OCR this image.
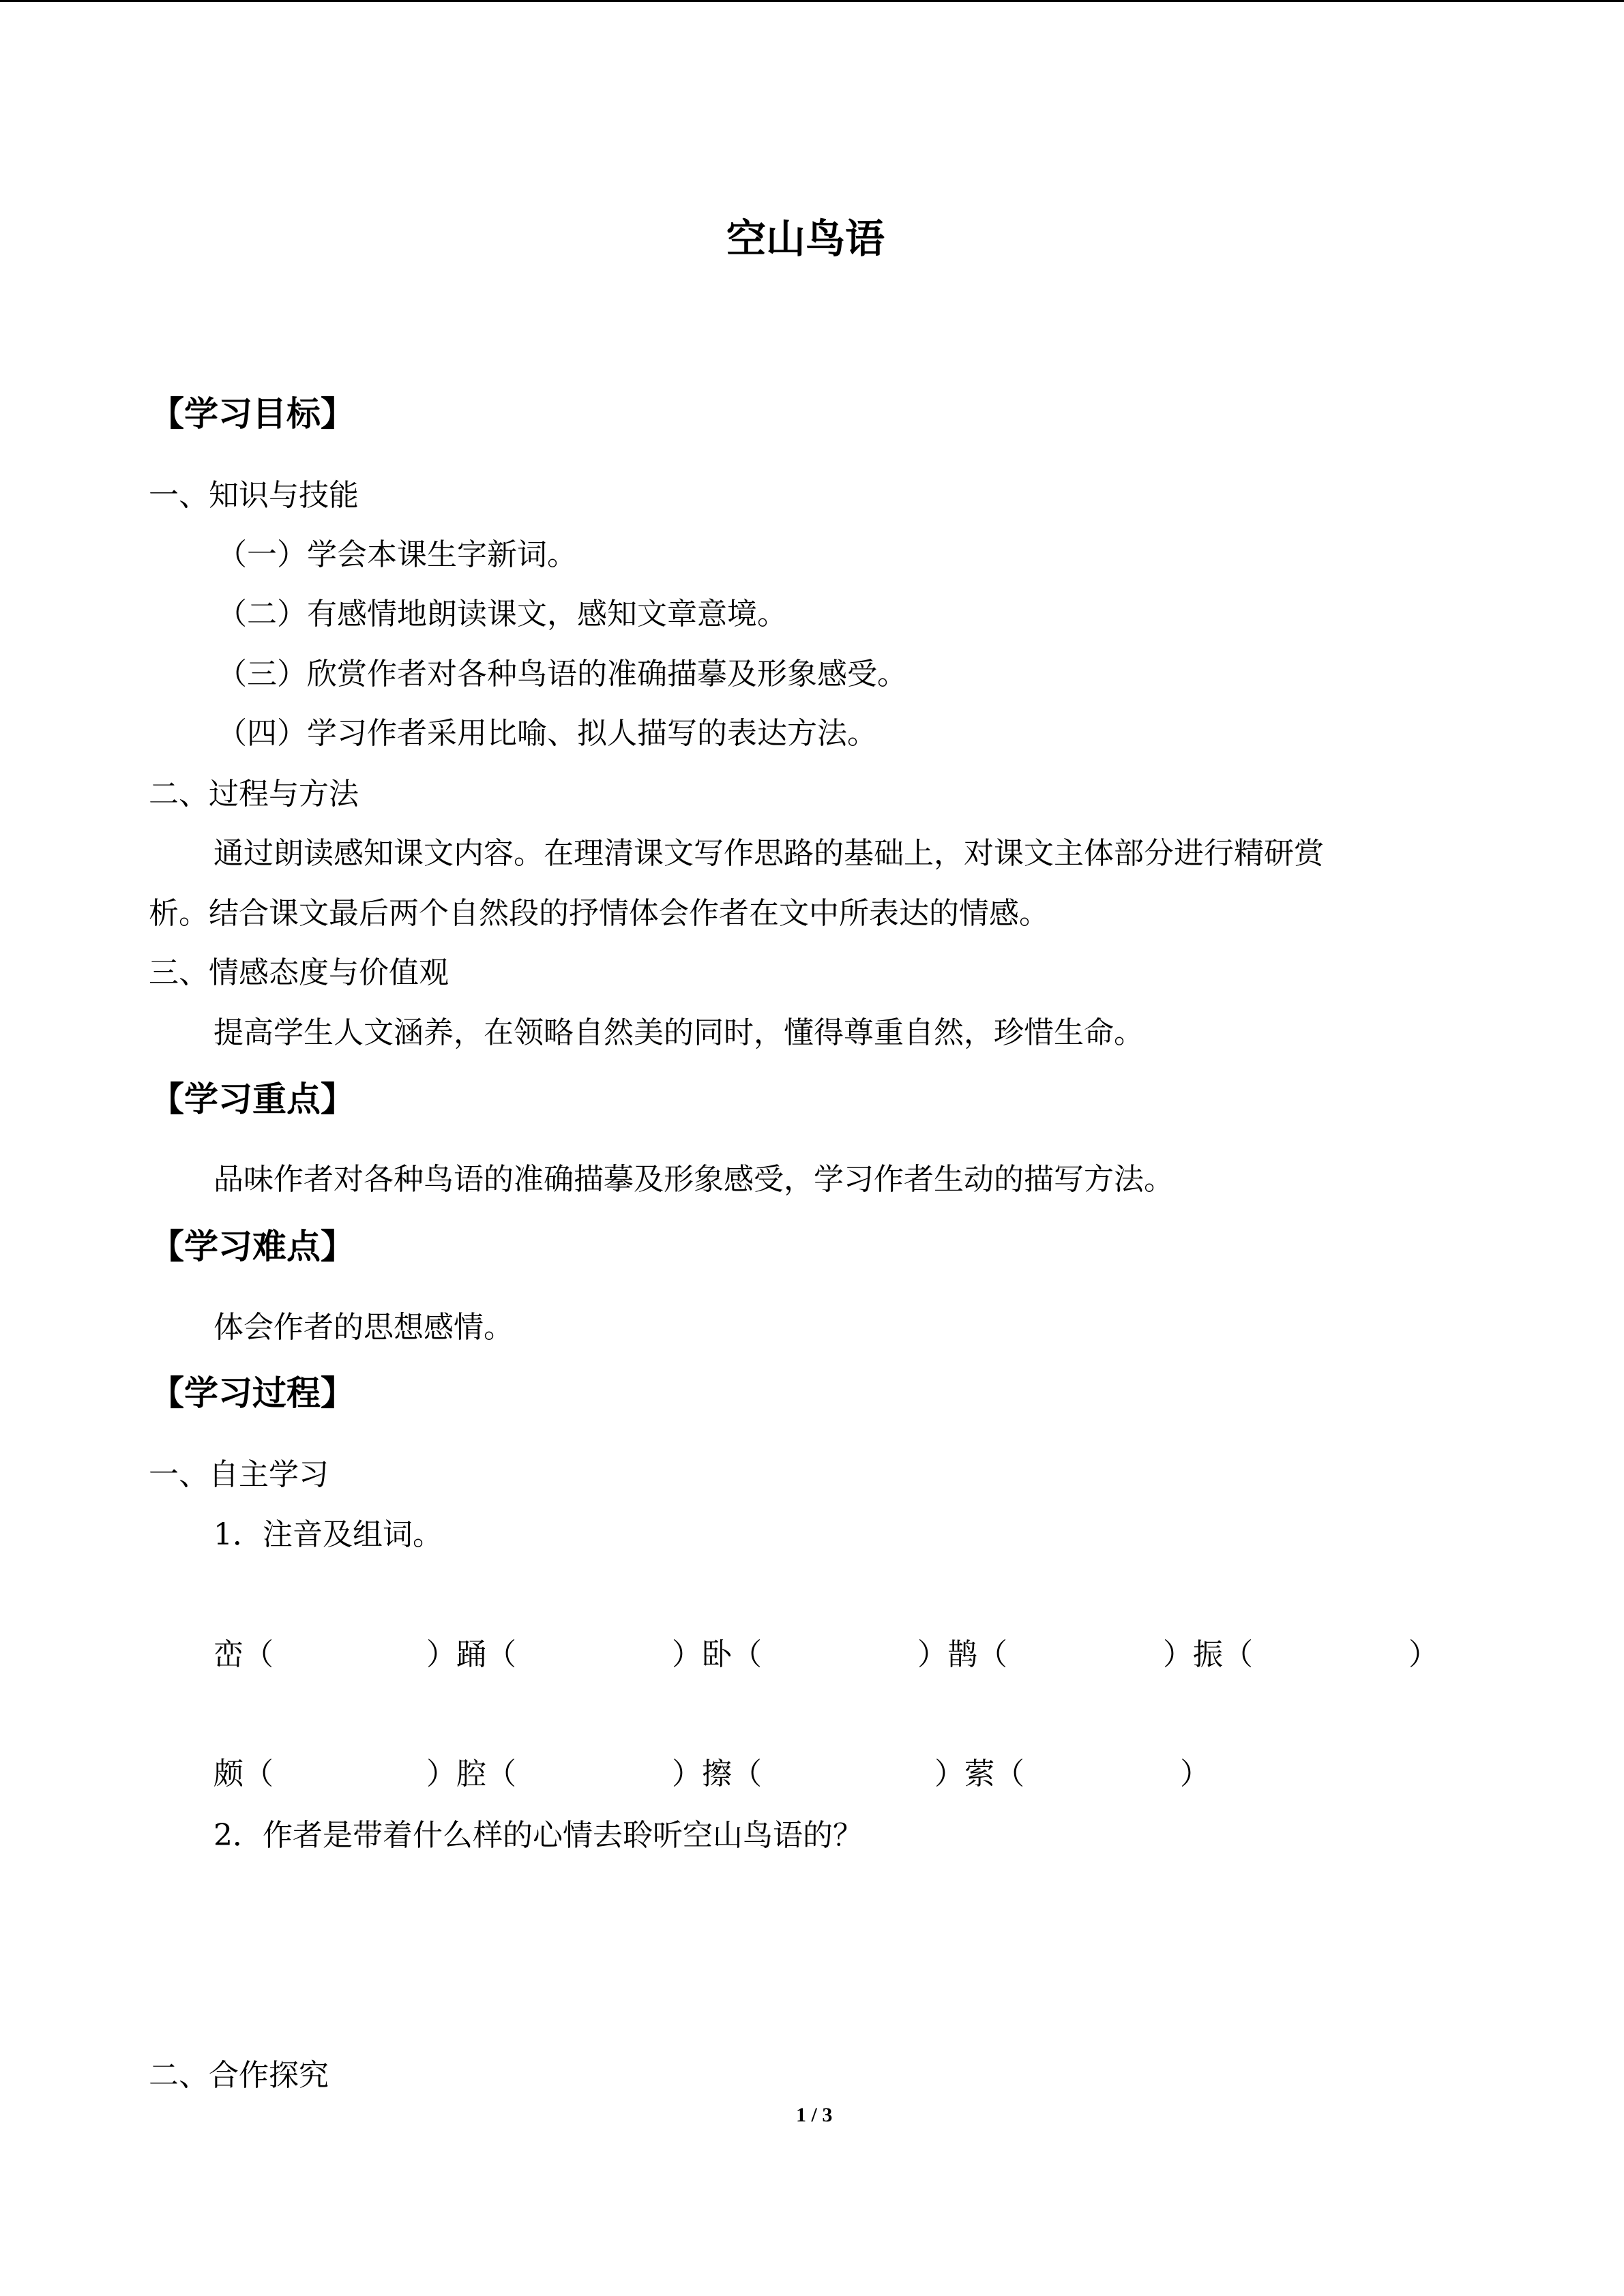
空山鸟语
【学习目标】
一、知识与技能
（一）学会本课生字新词。
（二）有感情地朗读课文，感知文章意境。
（三）欣赏作者对各种鸟语的准确描摹及形象感受。
（四）学习作者采用比喻、拟人描写的表达方法。
二、过程与方法
通过朗读感知课文内容。在理清课文写作思路的基础上，对课文主体部分进行精研赏
析。结合课文最后两个自然段的抒情体会作者在文中所表达的情感。
三、情感态度与价值观
提高学生人文涵养，在领略自然美的同时，懂得尊重自然，珍惜生命。
【学习重点】
品味作者对各种鸟语的准确描摹及形象感受，学习作者生动的描写方法。
【学习难点】
体会作者的思想感情。
【学习过程】
一、自主学习
1．注音及组词。
峦（	）踊（	）卧（	）鹊（	）振（	）
颇（	）腔（	）擦（	）萦（	）
2．作者是带着什么样的心情去聆听空山鸟语的？
二、合作探究
1 / 3
